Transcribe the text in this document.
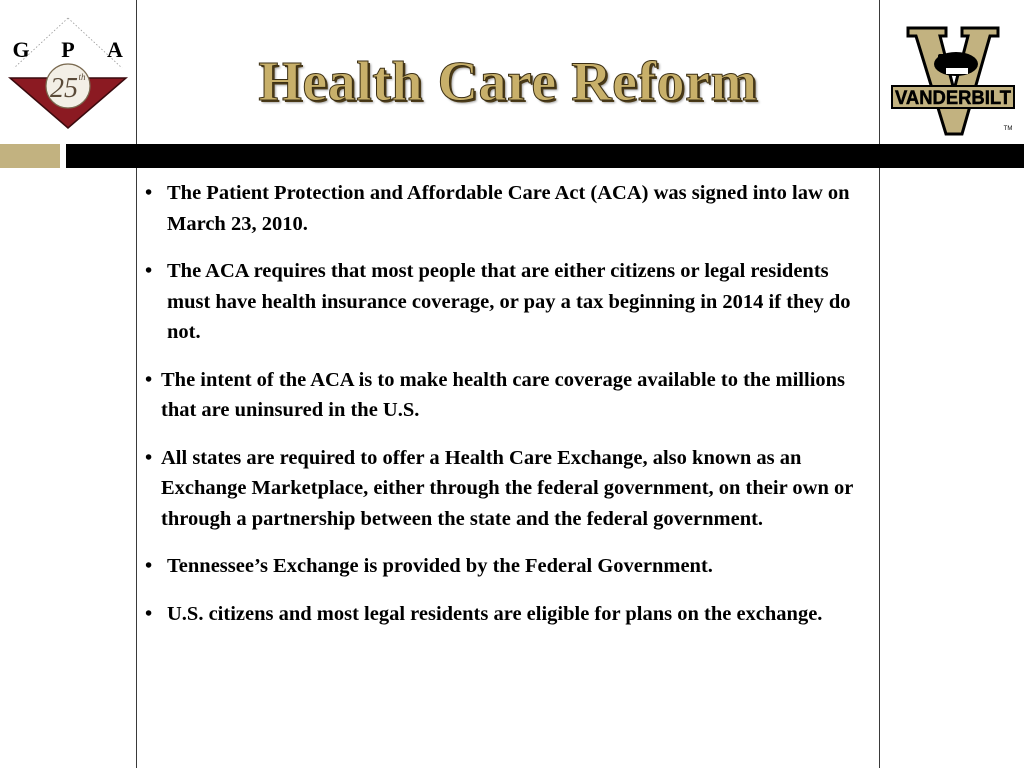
G P A
25 th	Health Care Reform	VANDERBILT
TM
• The Patient Protection and Affordable Care Act (ACA) was signed into law on March 23, 2010.
• The ACA requires that most people that are either citizens or legal residents must have health insurance coverage, or pay a tax beginning in 2014 if they do not.
• The intent of the ACA is to make health care coverage available to the millions that are uninsured in the U.S.
• All states are required to offer a Health Care Exchange, also known as an Exchange Marketplace, either through the federal government, on their own or through a partnership between the state and the federal government.
• Tennessee’s Exchange is provided by the Federal Government.
• U.S. citizens and most legal residents are eligible for plans on the exchange.
